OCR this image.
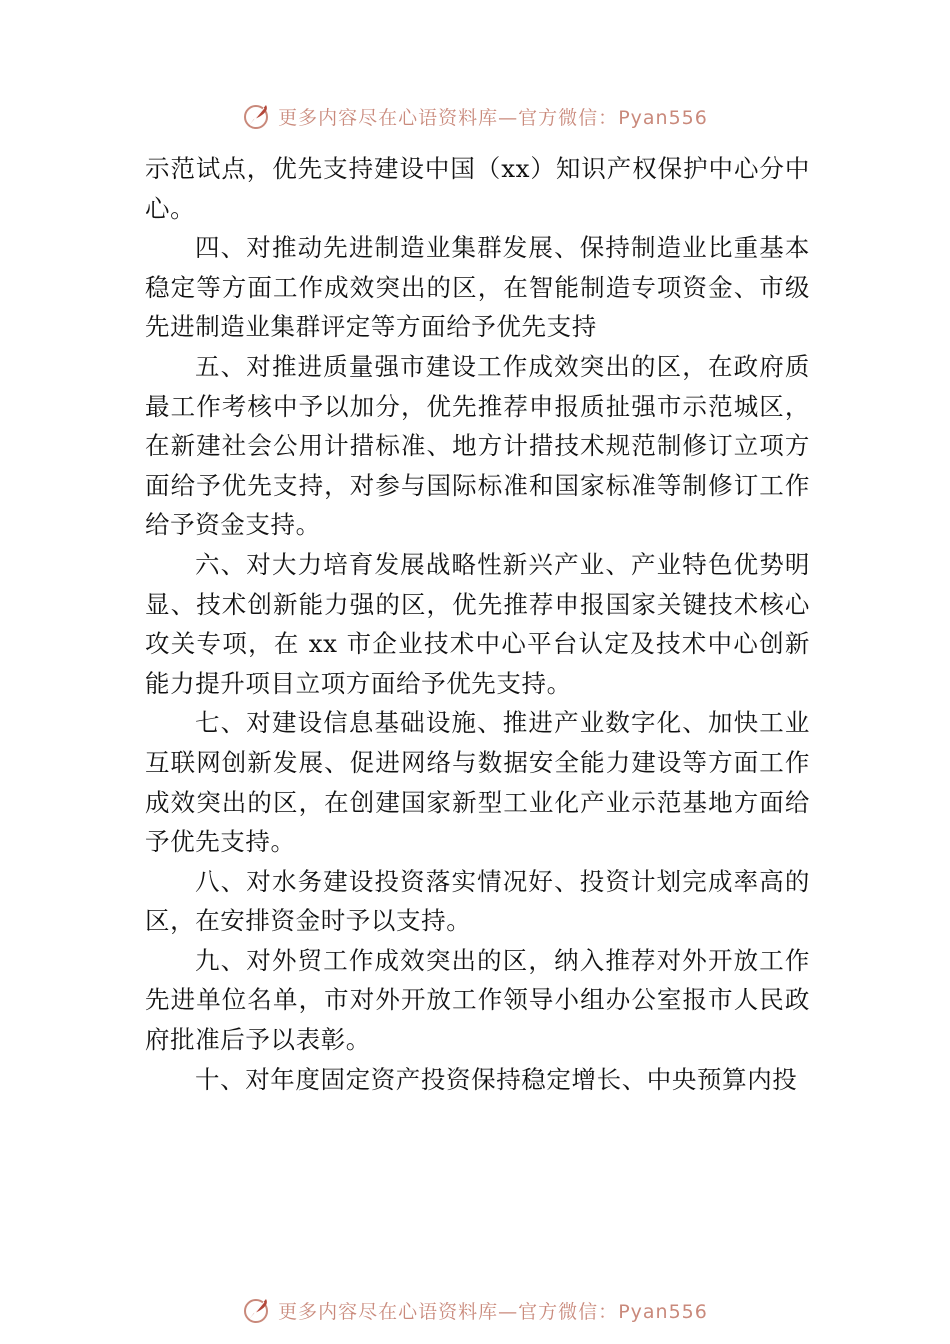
更多内容尽在心语资料库—官方微信：Pyan556

示范试点，优先支持建设中国（xx）知识产权保护中心分中心。

四、对推动先进制造业集群发展、保持制造业比重基本稳定等方面工作成效突出的区，在智能制造专项资金、市级先进制造业集群评定等方面给予优先支持

五、对推进质量强市建设工作成效突出的区，在政府质最工作考核中予以加分，优先推荐申报质扯强市示范城区， 在新建社会公用计措标准、地方计措技术规范制修订立项方面给予优先支持，对参与国际标准和国家标准等制修订工作给予资金支持。

六、对大力培育发展战略性新兴产业、产业特色优势明显、技术创新能力强的区，优先推荐申报国家关键技术核心攻关专项，在 xx 市企业技术中心平台认定及技术中心创新能力提升项目立项方面给予优先支持。

七、对建设信息基础设施、推进产业数字化、加快工业互联网创新发展、促进网络与数据安全能力建设等方面工作成效突出的区，在创建国家新型工业化产业示范基地方面给予优先支持。

八、对水务建设投资落实情况好、投资计划完成率高的区，在安排资金时予以支持。

九、对外贸工作成效突出的区，纳入推荐对外开放工作先进单位名单，市对外开放工作领导小组办公室报市人民政府批准后予以表彰。

十、对年度固定资产投资保持稳定增长、中央预算内投

更多内容尽在心语资料库—官方微信：Pyan556
